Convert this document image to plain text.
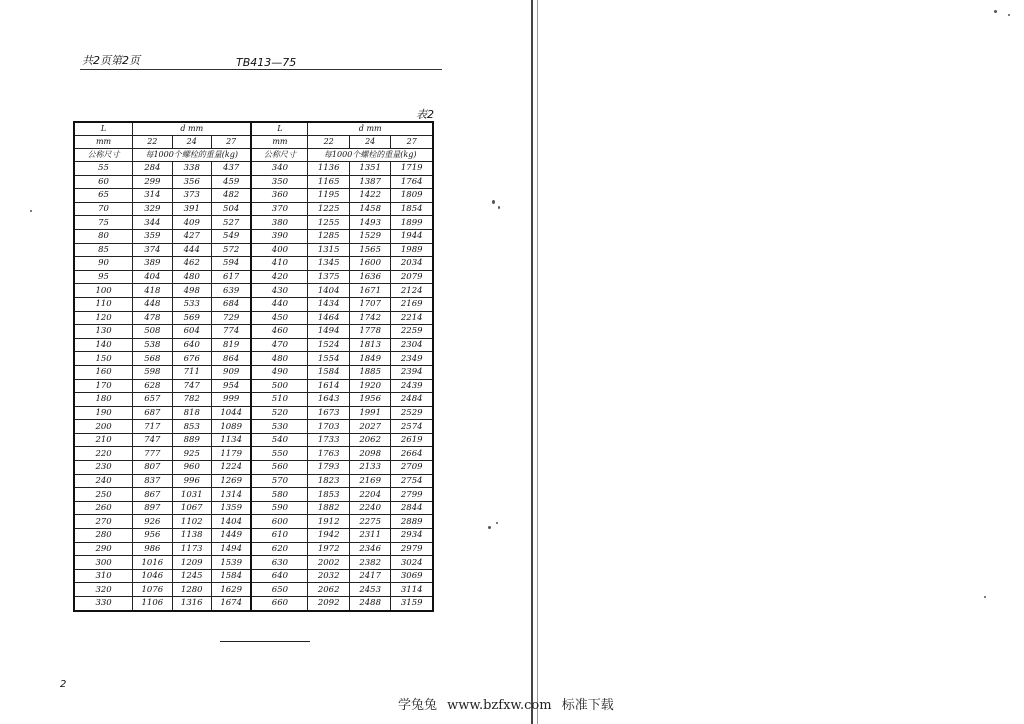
共2页第2页	TB413—75
表2
L	d mm			L	d mm		
mm	22	24	27	mm	22	24	27
公称尺寸	每1000个螺栓的重量(kg)			公称尺寸	每1000个螺栓的重量(kg)		
55	284	338	437	340	1136	1351	1719
60	299	356	459	350	1165	1387	1764
65	314	373	482	360	1195	1422	1809
70	329	391	504	370	1225	1458	1854
75	344	409	527	380	1255	1493	1899
80	359	427	549	390	1285	1529	1944
85	374	444	572	400	1315	1565	1989
90	389	462	594	410	1345	1600	2034
95	404	480	617	420	1375	1636	2079
100	418	498	639	430	1404	1671	2124
110	448	533	684	440	1434	1707	2169
120	478	569	729	450	1464	1742	2214
130	508	604	774	460	1494	1778	2259
140	538	640	819	470	1524	1813	2304
150	568	676	864	480	1554	1849	2349
160	598	711	909	490	1584	1885	2394
170	628	747	954	500	1614	1920	2439
180	657	782	999	510	1643	1956	2484
190	687	818	1044	520	1673	1991	2529
200	717	853	1089	530	1703	2027	2574
210	747	889	1134	540	1733	2062	2619
220	777	925	1179	550	1763	2098	2664
230	807	960	1224	560	1793	2133	2709
240	837	996	1269	570	1823	2169	2754
250	867	1031	1314	580	1853	2204	2799
260	897	1067	1359	590	1882	2240	2844
270	926	1102	1404	600	1912	2275	2889
280	956	1138	1449	610	1942	2311	2934
290	986	1173	1494	620	1972	2346	2979
300	1016	1209	1539	630	2002	2382	3024
310	1046	1245	1584	640	2032	2417	3069
320	1076	1280	1629	650	2062	2453	3114
330	1106	1316	1674	660	2092	2488	3159
2
学兔兔 www.bzfxw.com 标准下载
